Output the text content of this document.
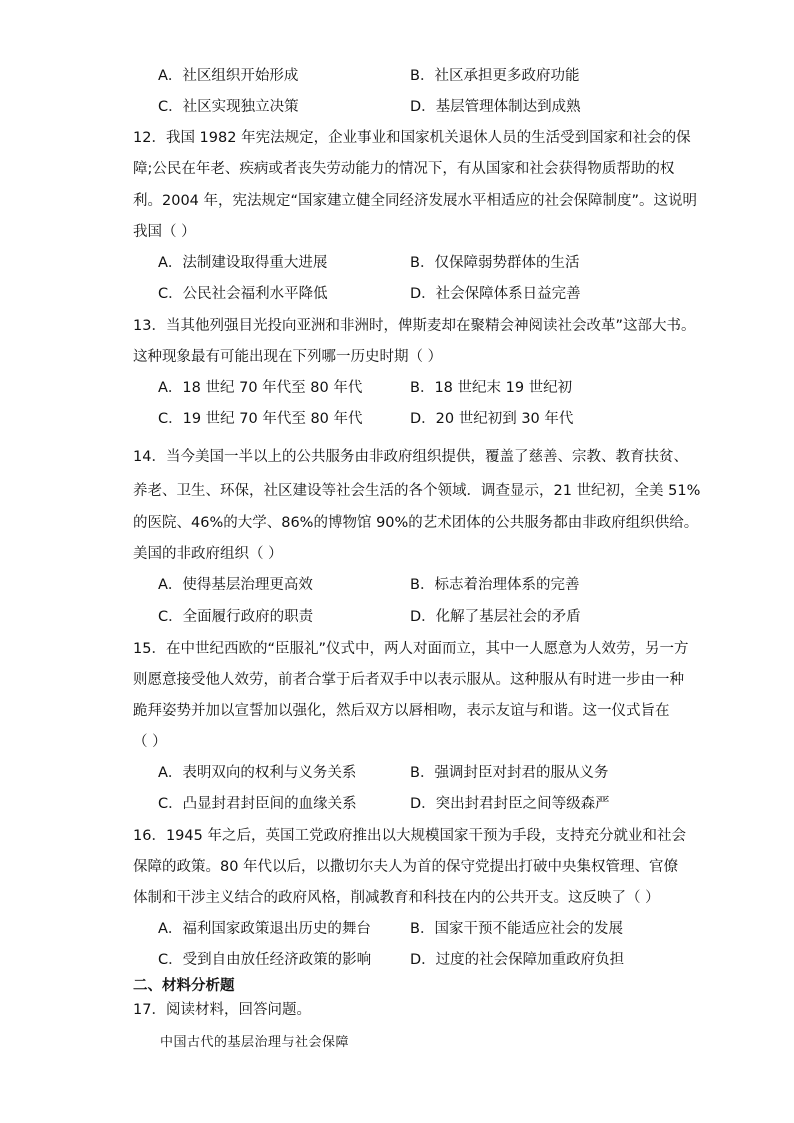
A．社区组织开始形成	B．社区承担更多政府功能
C．社区实现独立决策	D．基层管理体制达到成熟
12．我国 1982 年宪法规定，企业事业和国家机关退休人员的生活受到国家和社会的保
障;公民在年老、疾病或者丧失劳动能力的情况下，有从国家和社会获得物质帮助的权
利。2004 年，宪法规定“国家建立健全同经济发展水平相适应的社会保障制度”。这说明
我国（ ）
A．法制建设取得重大进展	B．仅保障弱势群体的生活
C．公民社会福利水平降低	D．社会保障体系日益完善
13．当其他列强目光投向亚洲和非洲时，俾斯麦却在聚精会神阅读社会改革”这部大书。
这种现象最有可能出现在下列哪一历史时期（ ）
A．18 世纪 70 年代至 80 年代	B．18 世纪末 19 世纪初
C．19 世纪 70 年代至 80 年代	D．20 世纪初到 30 年代
14．当今美国一半以上的公共服务由非政府组织提供，覆盖了慈善、宗教、教育扶贫、
养老、卫生、环保，社区建设等社会生活的各个领域．调查显示，21 世纪初，全美 51%
的医院、46%的大学、86%的博物馆 90%的艺术团体的公共服务都由非政府组织供给。
美国的非政府组织（ ）
A．使得基层治理更高效	B．标志着治理体系的完善
C．全面履行政府的职责	D．化解了基层社会的矛盾
15．在中世纪西欧的“臣服礼”仪式中，两人对面而立，其中一人愿意为人效劳，另一方
则愿意接受他人效劳，前者合掌于后者双手中以表示服从。这种服从有时进一步由一种
跪拜姿势并加以宣誓加以强化，然后双方以唇相吻，表示友谊与和谐。这一仪式旨在
（ ）
A．表明双向的权利与义务关系	B．强调封臣对封君的服从义务
C．凸显封君封臣间的血缘关系	D．突出封君封臣之间等级森严
16．1945 年之后，英国工党政府推出以大规模国家干预为手段，支持充分就业和社会
保障的政策。80 年代以后，以撒切尔夫人为首的保守党提出打破中央集权管理、官僚
体制和干涉主义结合的政府风格，削减教育和科技在内的公共开支。这反映了（ ）
A．福利国家政策退出历史的舞台	B．国家干预不能适应社会的发展
C．受到自由放任经济政策的影响	D．过度的社会保障加重政府负担
二、材料分析题
17．阅读材料，回答问题。
中国古代的基层治理与社会保障
